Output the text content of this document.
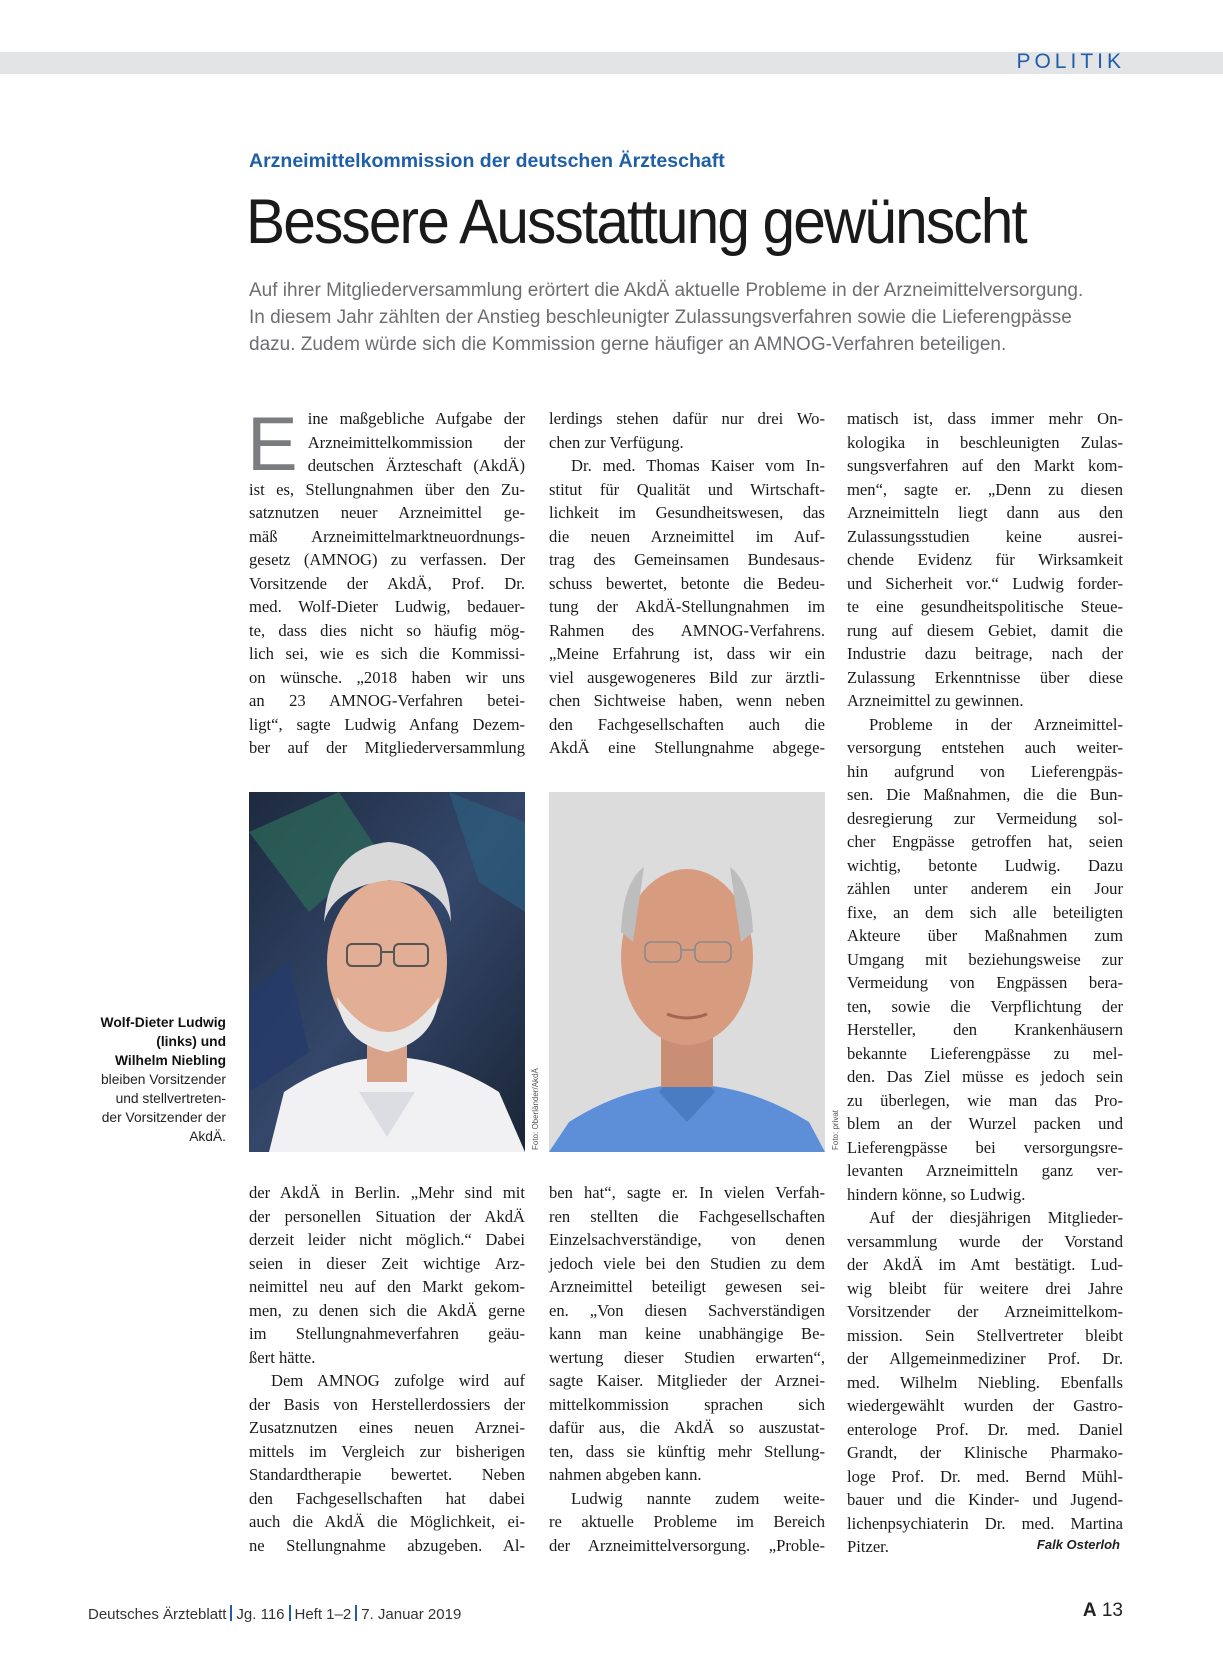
POLITIK
Arzneimittelkommission der deutschen Ärzteschaft
Bessere Ausstattung gewünscht
Auf ihrer Mitgliederversammlung erörtert die AkdÄ aktuelle Probleme in der Arzneimittelversorgung.
In diesem Jahr zählten der Anstieg beschleunigter Zulassungsverfahren sowie die Lieferengpässe
dazu. Zudem würde sich die Kommission gerne häufiger an AMNOG-Verfahren beteiligen.
E ine maßgebliche Aufgabe der
Arzneimittelkommission der
deutschen Ärzteschaft (AkdÄ)
ist es, Stellungnahmen über den Zu-
satznutzen neuer Arzneimittel ge-
mäß Arzneimittelmarktneuordnungs-
gesetz (AMNOG) zu verfassen. Der
Vorsitzende der AkdÄ, Prof. Dr.
med. Wolf-Dieter Ludwig, bedauer-
te, dass dies nicht so häufig mög-
lich sei, wie es sich die Kommissi-
on wünsche. „2018 haben wir uns
an 23 AMNOG-Verfahren betei-
ligt“, sagte Ludwig Anfang Dezem-
ber auf der Mitgliederversammlung
lerdings stehen dafür nur drei Wo-
chen zur Verfügung.
Dr. med. Thomas Kaiser vom In-
stitut für Qualität und Wirtschaft-
lichkeit im Gesundheitswesen, das
die neuen Arzneimittel im Auf-
trag des Gemeinsamen Bundesaus-
schuss bewertet, betonte die Bedeu-
tung der AkdÄ-Stellungnahmen im
Rahmen des AMNOG-Verfahrens.
„Meine Erfahrung ist, dass wir ein
viel ausgewogeneres Bild zur ärztli-
chen Sichtweise haben, wenn neben
den Fachgesellschaften auch die
AkdÄ eine Stellungnahme abgege-
matisch ist, dass immer mehr On-
kologika in beschleunigten Zulas-
sungsverfahren auf den Markt kom-
men“, sagte er. „Denn zu diesen
Arzneimitteln liegt dann aus den
Zulassungsstudien keine ausrei-
chende Evidenz für Wirksamkeit
und Sicherheit vor.“ Ludwig forder-
te eine gesundheitspolitische Steue-
rung auf diesem Gebiet, damit die
Industrie dazu beitrage, nach der
Zulassung Erkenntnisse über diese
Arzneimittel zu gewinnen.
Probleme in der Arzneimittel-
versorgung entstehen auch weiter-
hin aufgrund von Lieferengpäs-
sen. Die Maßnahmen, die die Bun-
desregierung zur Vermeidung sol-
cher Engpässe getroffen hat, seien
wichtig, betonte Ludwig. Dazu
zählen unter anderem ein Jour
fixe, an dem sich alle beteiligten
Akteure über Maßnahmen zum
Umgang mit beziehungsweise zur
Vermeidung von Engpässen bera-
ten, sowie die Verpflichtung der
Hersteller, den Krankenhäusern
bekannte Lieferengpässe zu mel-
den. Das Ziel müsse es jedoch sein
zu überlegen, wie man das Pro-
blem an der Wurzel packen und
Lieferengpässe bei versorgungsre-
levanten Arzneimitteln ganz ver-
hindern könne, so Ludwig.
Auf der diesjährigen Mitglieder-
versammlung wurde der Vorstand
der AkdÄ im Amt bestätigt. Lud-
wig bleibt für weitere drei Jahre
Vorsitzender der Arzneimittelkom-
mission. Sein Stellvertreter bleibt
der Allgemeinmediziner Prof. Dr.
med. Wilhelm Niebling. Ebenfalls
wiedergewählt wurden der Gastro-
enterologe Prof. Dr. med. Daniel
Grandt, der Klinische Pharmako-
loge Prof. Dr. med. Bernd Mühl-
bauer und die Kinder- und Jugend-
lichenpsychiaterin Dr. med. Martina
Pitzer.	Falk Osterloh
Foto: Oberländer/AkdÄ	Foto: privat
Wolf-Dieter Ludwig
(links) und
Wilhelm Niebling
bleiben Vorsitzender
und stellvertreten-
der Vorsitzender der
AkdÄ.
der AkdÄ in Berlin. „Mehr sind mit
der personellen Situation der AkdÄ
derzeit leider nicht möglich.“ Dabei
seien in dieser Zeit wichtige Arz-
neimittel neu auf den Markt gekom-
men, zu denen sich die AkdÄ gerne
im Stellungnahmeverfahren geäu-
ßert hätte.
Dem AMNOG zufolge wird auf
der Basis von Herstellerdossiers der
Zusatznutzen eines neuen Arznei-
mittels im Vergleich zur bisherigen
Standardtherapie bewertet. Neben
den Fachgesellschaften hat dabei
auch die AkdÄ die Möglichkeit, ei-
ne Stellungnahme abzugeben. Al-
ben hat“, sagte er. In vielen Verfah-
ren stellten die Fachgesellschaften
Einzelsachverständige, von denen
jedoch viele bei den Studien zu dem
Arzneimittel beteiligt gewesen sei-
en. „Von diesen Sachverständigen
kann man keine unabhängige Be-
wertung dieser Studien erwarten“,
sagte Kaiser. Mitglieder der Arznei-
mittelkommission sprachen sich
dafür aus, die AkdÄ so auszustat-
ten, dass sie künftig mehr Stellung-
nahmen abgeben kann.
Ludwig nannte zudem weite-
re aktuelle Probleme im Bereich
der Arzneimittelversorgung. „Proble-
Deutsches Ärzteblatt Jg. 116 Heft 1–2 7. Januar 2019	A 13
